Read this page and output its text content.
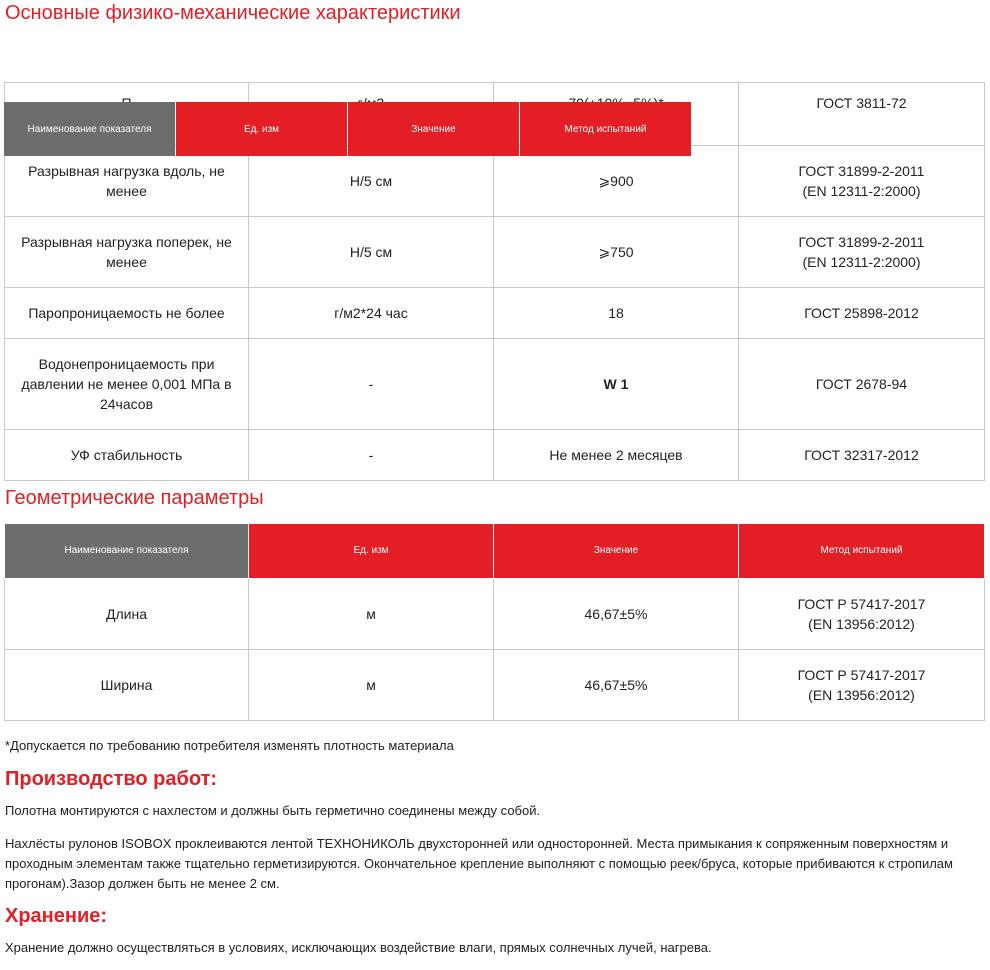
Основные физико-механические характеристики
			ГОСТ 3811-72
Разрывная нагрузка вдоль, не менее	Н/5 см	⩾900	ГОСТ 31899-2-2011
(EN 12311-2:2000)
Разрывная нагрузка поперек, не менее	Н/5 см	⩾750	ГОСТ 31899-2-2011
(EN 12311-2:2000)
Паропроницаемость не более	г/м2*24 час	18	ГОСТ 25898-2012
Водонепроницаемость при давлении не менее 0,001 МПа в 24часов	-	W 1	ГОСТ 2678-94
УФ стабильность	-	Не менее 2 месяцев	ГОСТ 32317-2012
Наименование показателя	Ед. изм	Значение	Метод испытаний
Геометрические параметры
Наименование показателя	Ед. изм	Значение	Метод испытаний
Длина	м	46,67±5%	ГОСТ Р 57417-2017
(EN 13956:2012)
Ширина	м	46,67±5%	ГОСТ Р 57417-2017
(EN 13956:2012)

*Допускается по требованию потребителя изменять плотность материала

Производство работ:

Полотна монтируются с нахлестом и должны быть герметично соединены между собой.

Нахлёсты рулонов ISOBOX проклеиваются лентой ТЕХНОНИКОЛЬ двухсторонней или односторонней. Места примыкания к сопряженным поверхностям и проходным элементам также тщательно герметизируются. Окончательное крепление выполняют с помощью реек/бруса, которые прибиваются к стропилам прогонам).Зазор должен быть не менее 2 см.

Хранение:

Хранение должно осуществляться в условиях, исключающих воздействие влаги, прямых солнечных лучей, нагрева.
